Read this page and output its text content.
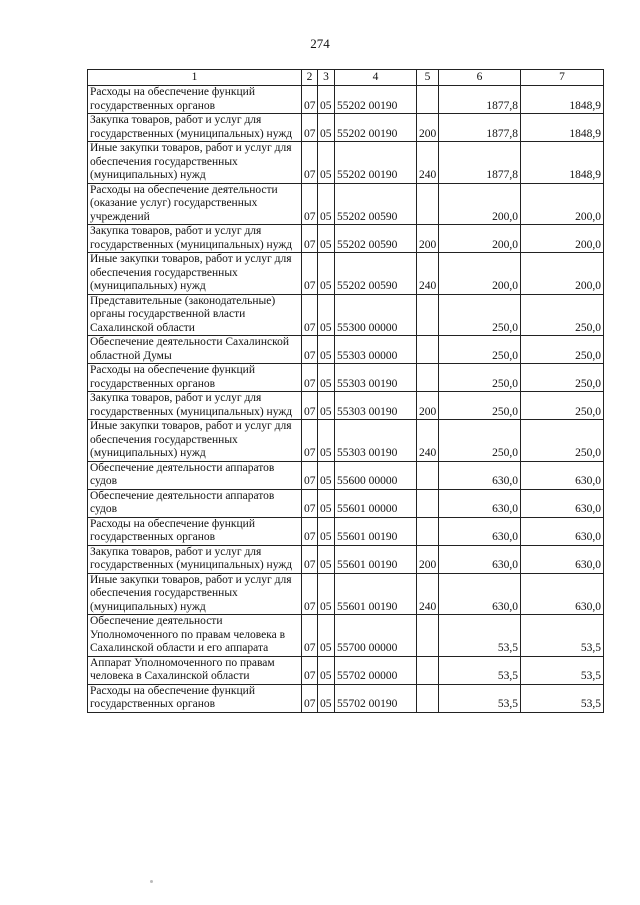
274
1	2	3	4	5	6	7
Расходы на обеспечение функций государственных органов	07	05	55202 00190		1877,8	1848,9
Закупка товаров, работ и услуг для государственных (муниципальных) нужд	07	05	55202 00190	200	1877,8	1848,9
Иные закупки товаров, работ и услуг для обеспечения государственных (муниципальных) нужд	07	05	55202 00190	240	1877,8	1848,9
Расходы на обеспечение деятельности (оказание услуг) государственных учреждений	07	05	55202 00590		200,0	200,0
Закупка товаров, работ и услуг для государственных (муниципальных) нужд	07	05	55202 00590	200	200,0	200,0
Иные закупки товаров, работ и услуг для обеспечения государственных (муниципальных) нужд	07	05	55202 00590	240	200,0	200,0
Представительные (законодательные) органы государственной власти Сахалинской области	07	05	55300 00000		250,0	250,0
Обеспечение деятельности Сахалинской областной Думы	07	05	55303 00000		250,0	250,0
Расходы на обеспечение функций государственных органов	07	05	55303 00190		250,0	250,0
Закупка товаров, работ и услуг для государственных (муниципальных) нужд	07	05	55303 00190	200	250,0	250,0
Иные закупки товаров, работ и услуг для обеспечения государственных (муниципальных) нужд	07	05	55303 00190	240	250,0	250,0
Обеспечение деятельности аппаратов судов	07	05	55600 00000		630,0	630,0
Обеспечение деятельности аппаратов судов	07	05	55601 00000		630,0	630,0
Расходы на обеспечение функций государственных органов	07	05	55601 00190		630,0	630,0
Закупка товаров, работ и услуг для государственных (муниципальных) нужд	07	05	55601 00190	200	630,0	630,0
Иные закупки товаров, работ и услуг для обеспечения государственных (муниципальных) нужд	07	05	55601 00190	240	630,0	630,0
Обеспечение деятельности Уполномоченного по правам человека в Сахалинской области и его аппарата	07	05	55700 00000		53,5	53,5
Аппарат Уполномоченного по правам человека в Сахалинской области	07	05	55702 00000		53,5	53,5
Расходы на обеспечение функций государственных органов	07	05	55702 00190		53,5	53,5
